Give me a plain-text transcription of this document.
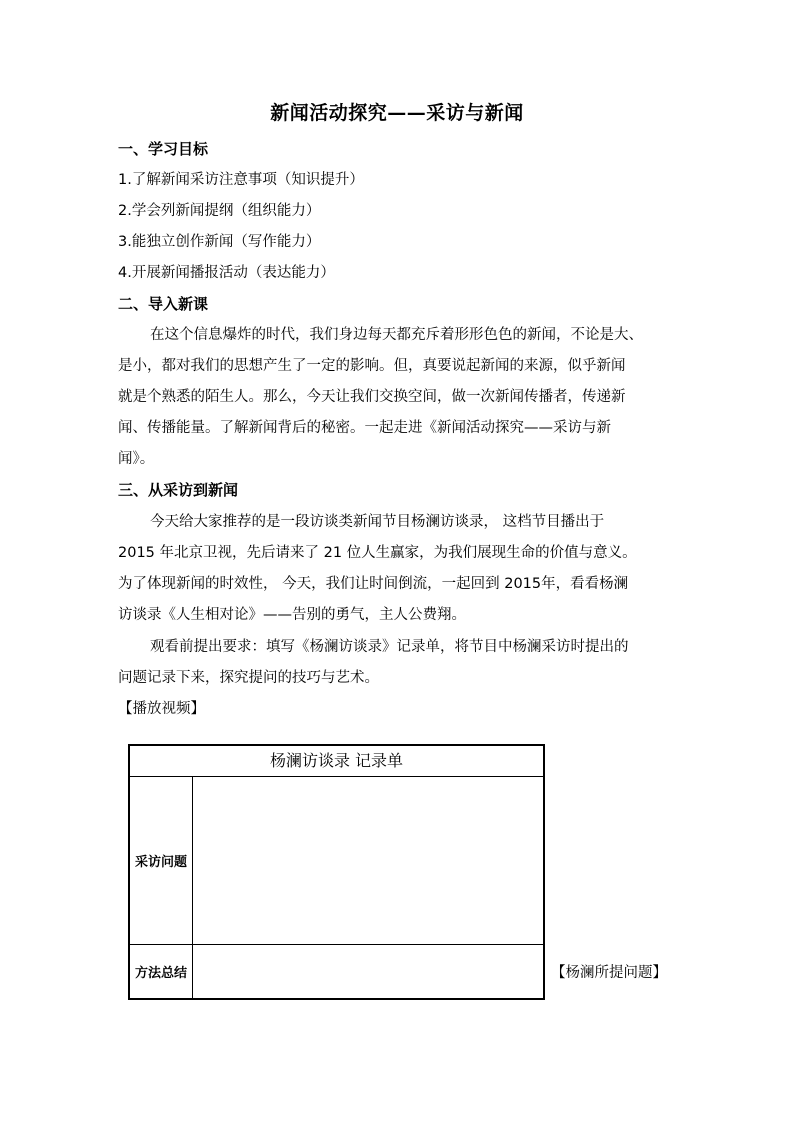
新闻活动探究——采访与新闻
一、学习目标
1.了解新闻采访注意事项（知识提升）
2.学会列新闻提纲（组织能力）
3.能独立创作新闻（写作能力）
4.开展新闻播报活动（表达能力）
二、导入新课
在这个信息爆炸的时代，我们身边每天都充斥着形形色色的新闻，不论是大、
是小，都对我们的思想产生了一定的影响。但，真要说起新闻的来源，似乎新闻
就是个熟悉的陌生人。那么，今天让我们交换空间，做一次新闻传播者，传递新
闻、传播能量。了解新闻背后的秘密。一起走进《新闻活动探究——采访与新
闻》。
三、从采访到新闻
今天给大家推荐的是一段访谈类新闻节目杨澜访谈录， 这档节目播出于
2015 年北京卫视，先后请来了 21 位人生赢家，为我们展现生命的价值与意义。
为了体现新闻的时效性， 今天，我们让时间倒流，一起回到 2015年，看看杨澜
访谈录《人生相对论》——告别的勇气，主人公费翔。
观看前提出要求：填写《杨澜访谈录》记录单，将节目中杨澜采访时提出的
问题记录下来，探究提问的技巧与艺术。
【播放视频】
杨澜访谈录 记录单
采访问题
方法总结	【杨澜所提问题】
